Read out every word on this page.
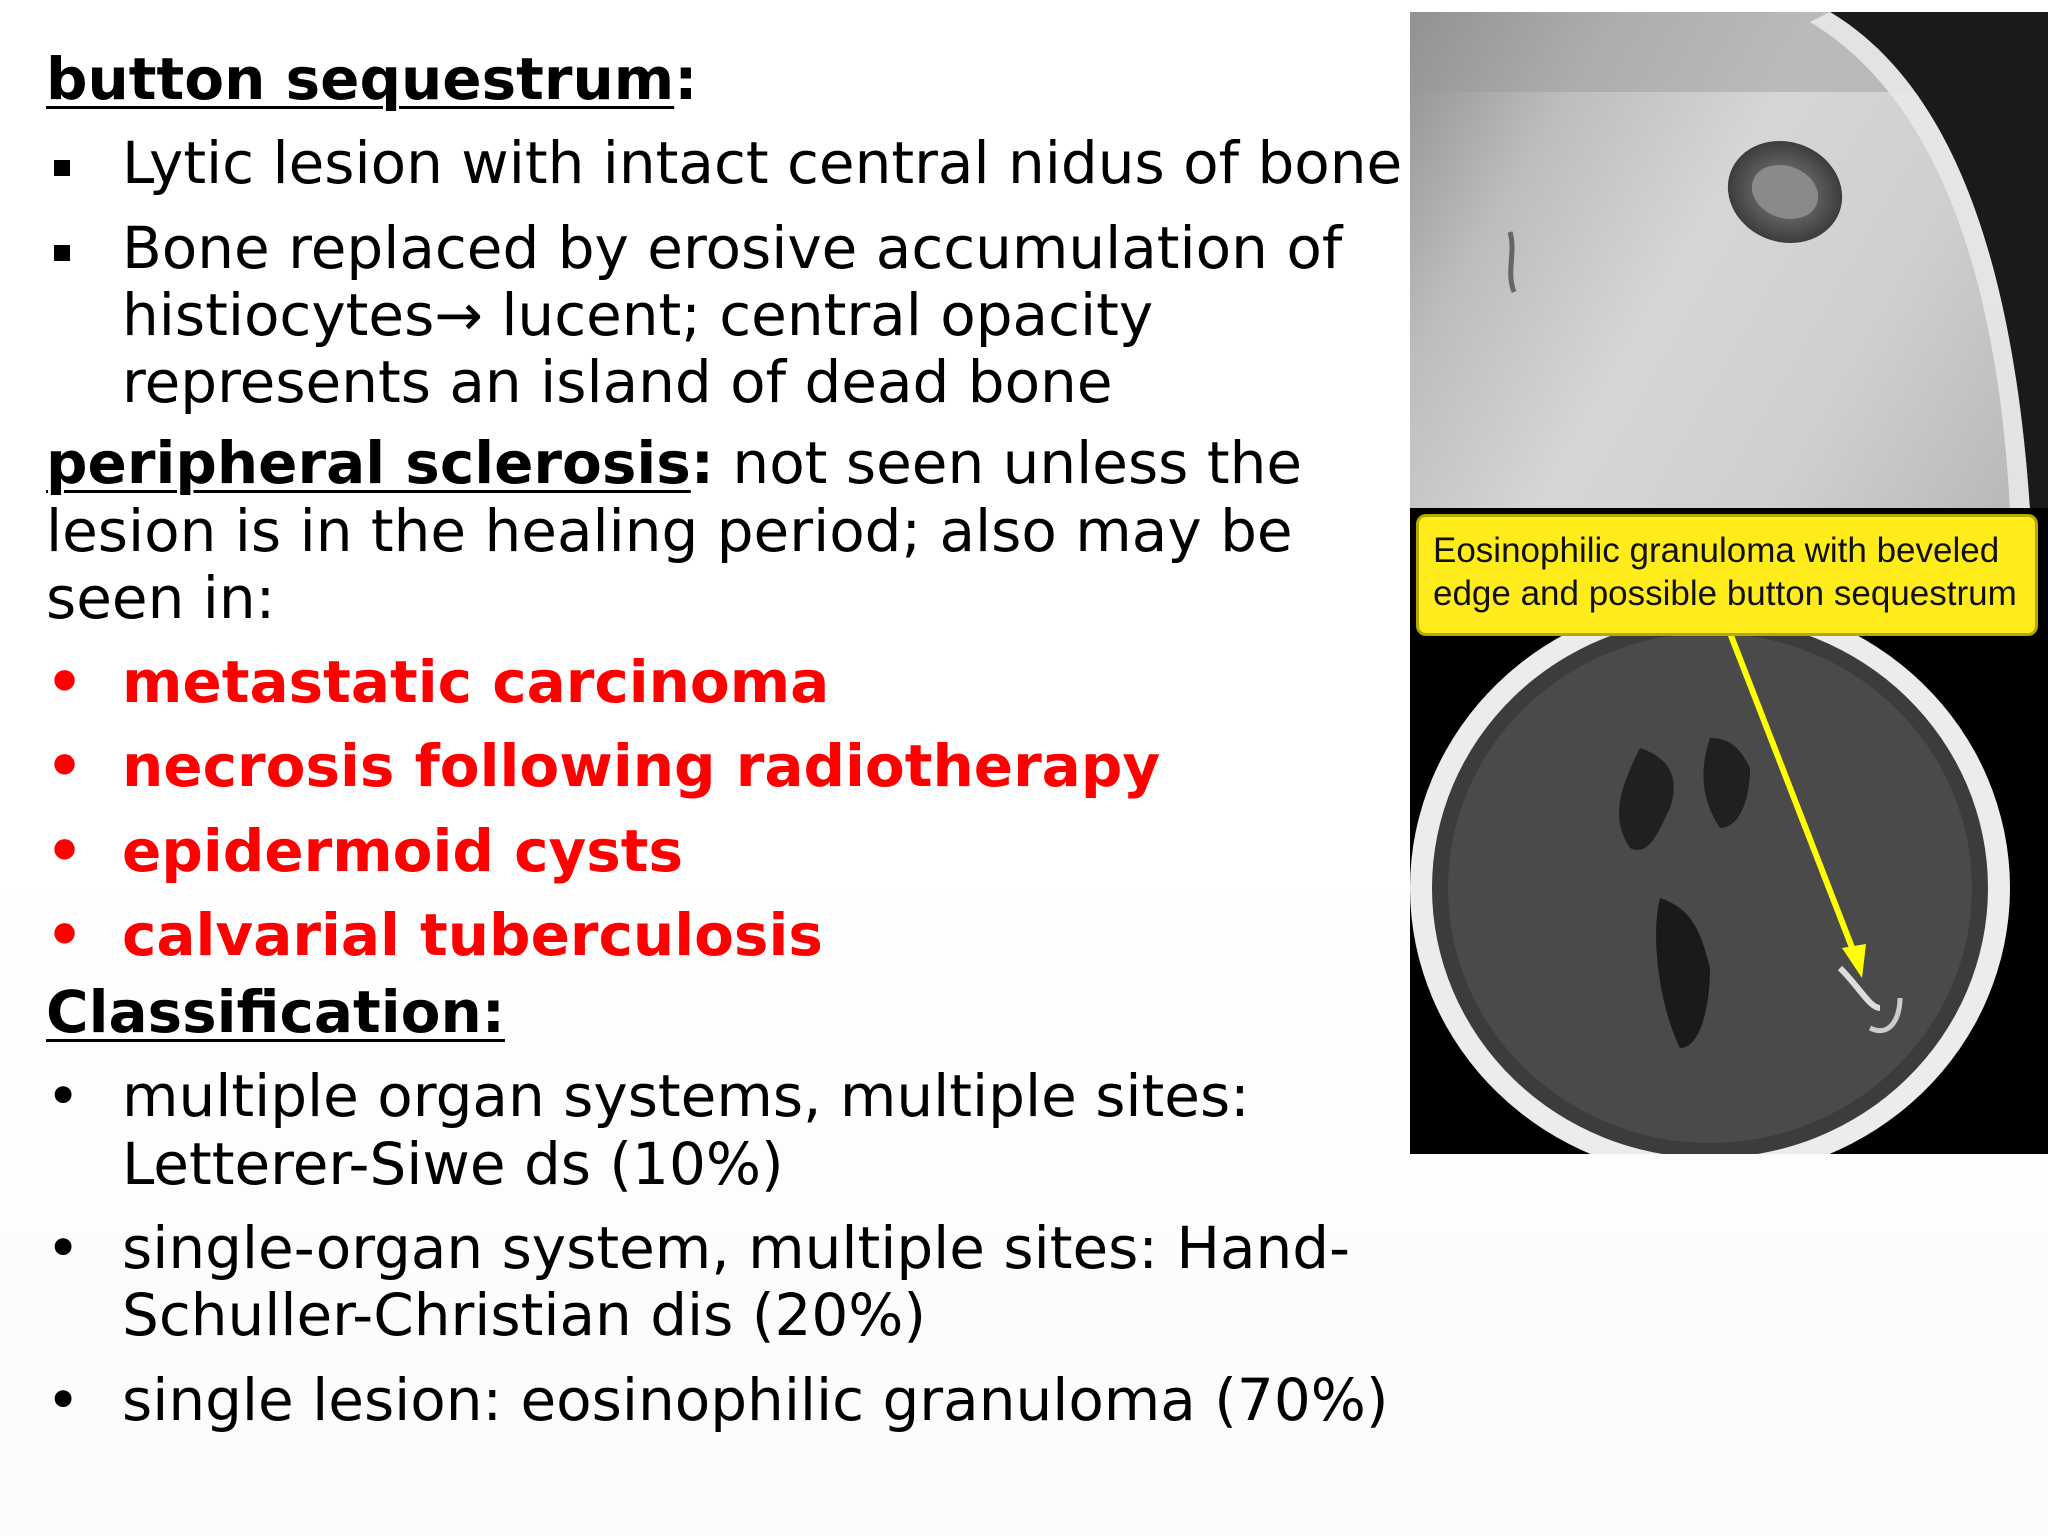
button sequestrum:

Lytic lesion with intact central nidus of bone
Bone replaced by erosive accumulation of histiocytes→ lucent; central opacity represents an island of dead bone

peripheral sclerosis: not seen unless the lesion is in the healing period; also may be seen in:

• metastatic carcinoma
• necrosis following radiotherapy
• epidermoid cysts
• calvarial tuberculosis

Classification:

• multiple organ systems, multiple sites: Letterer-Siwe ds (10%)
• single-organ system, multiple sites: Hand-Schuller-Christian dis (20%)
• single lesion: eosinophilic granuloma (70%)
Eosinophilic granuloma with beveled edge and possible button sequestrum
